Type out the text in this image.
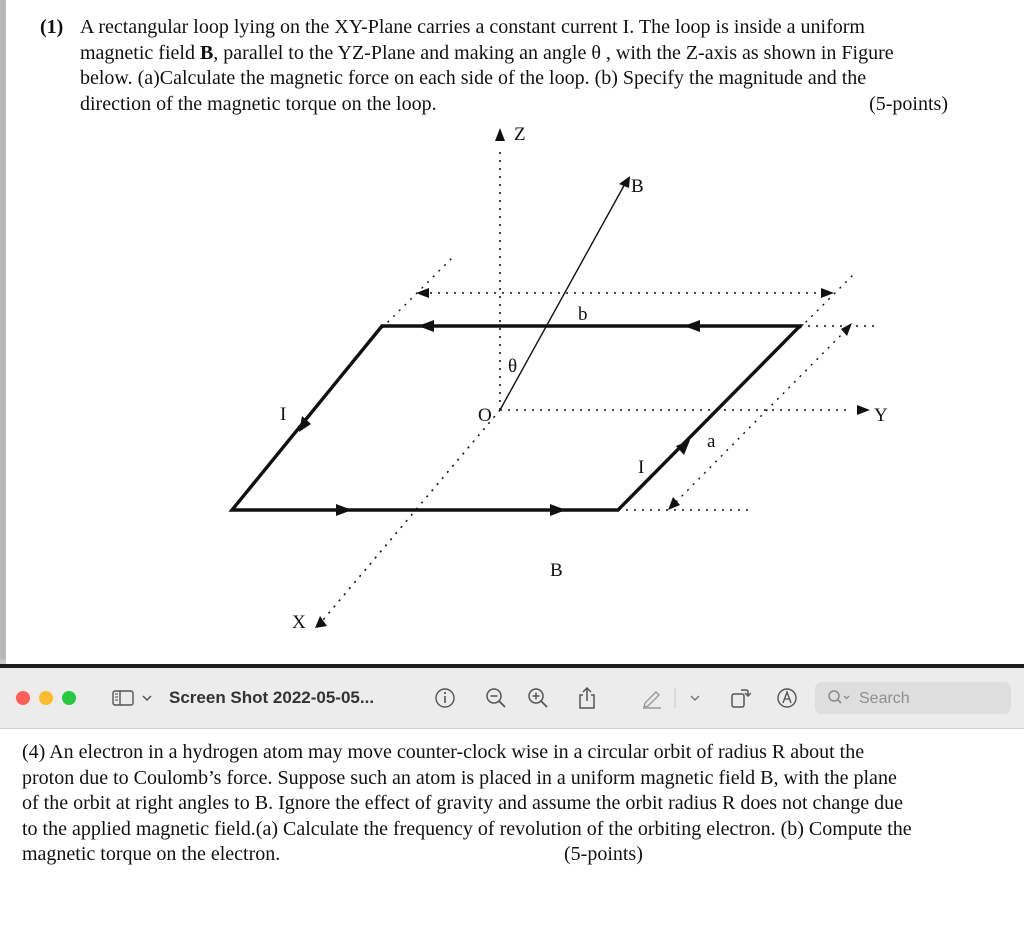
(1) A rectangular loop lying on the XY-Plane carries a constant current I. The loop is inside a uniform
magnetic field B, parallel to the YZ-Plane and making an angle θ , with the Z-axis as shown in Figure
below. (a)Calculate the magnetic force on each side of the loop. (b) Specify the magnitude and the
direction of the magnetic torque on the loop.	(5-points)
Z
B
b
θ
O
I	Y
a
I
B
X
Screen Shot 2022-05-05...
Search
(4) An electron in a hydrogen atom may move counter-clock wise in a circular orbit of radius R about the
proton due to Coulomb’s force. Suppose such an atom is placed in a uniform magnetic field B, with the plane
of the orbit at right angles to B. Ignore the effect of gravity and assume the orbit radius R does not change due
to the applied magnetic field.(a) Calculate the frequency of revolution of the orbiting electron. (b) Compute the
magnetic torque on the electron.	(5-points)
